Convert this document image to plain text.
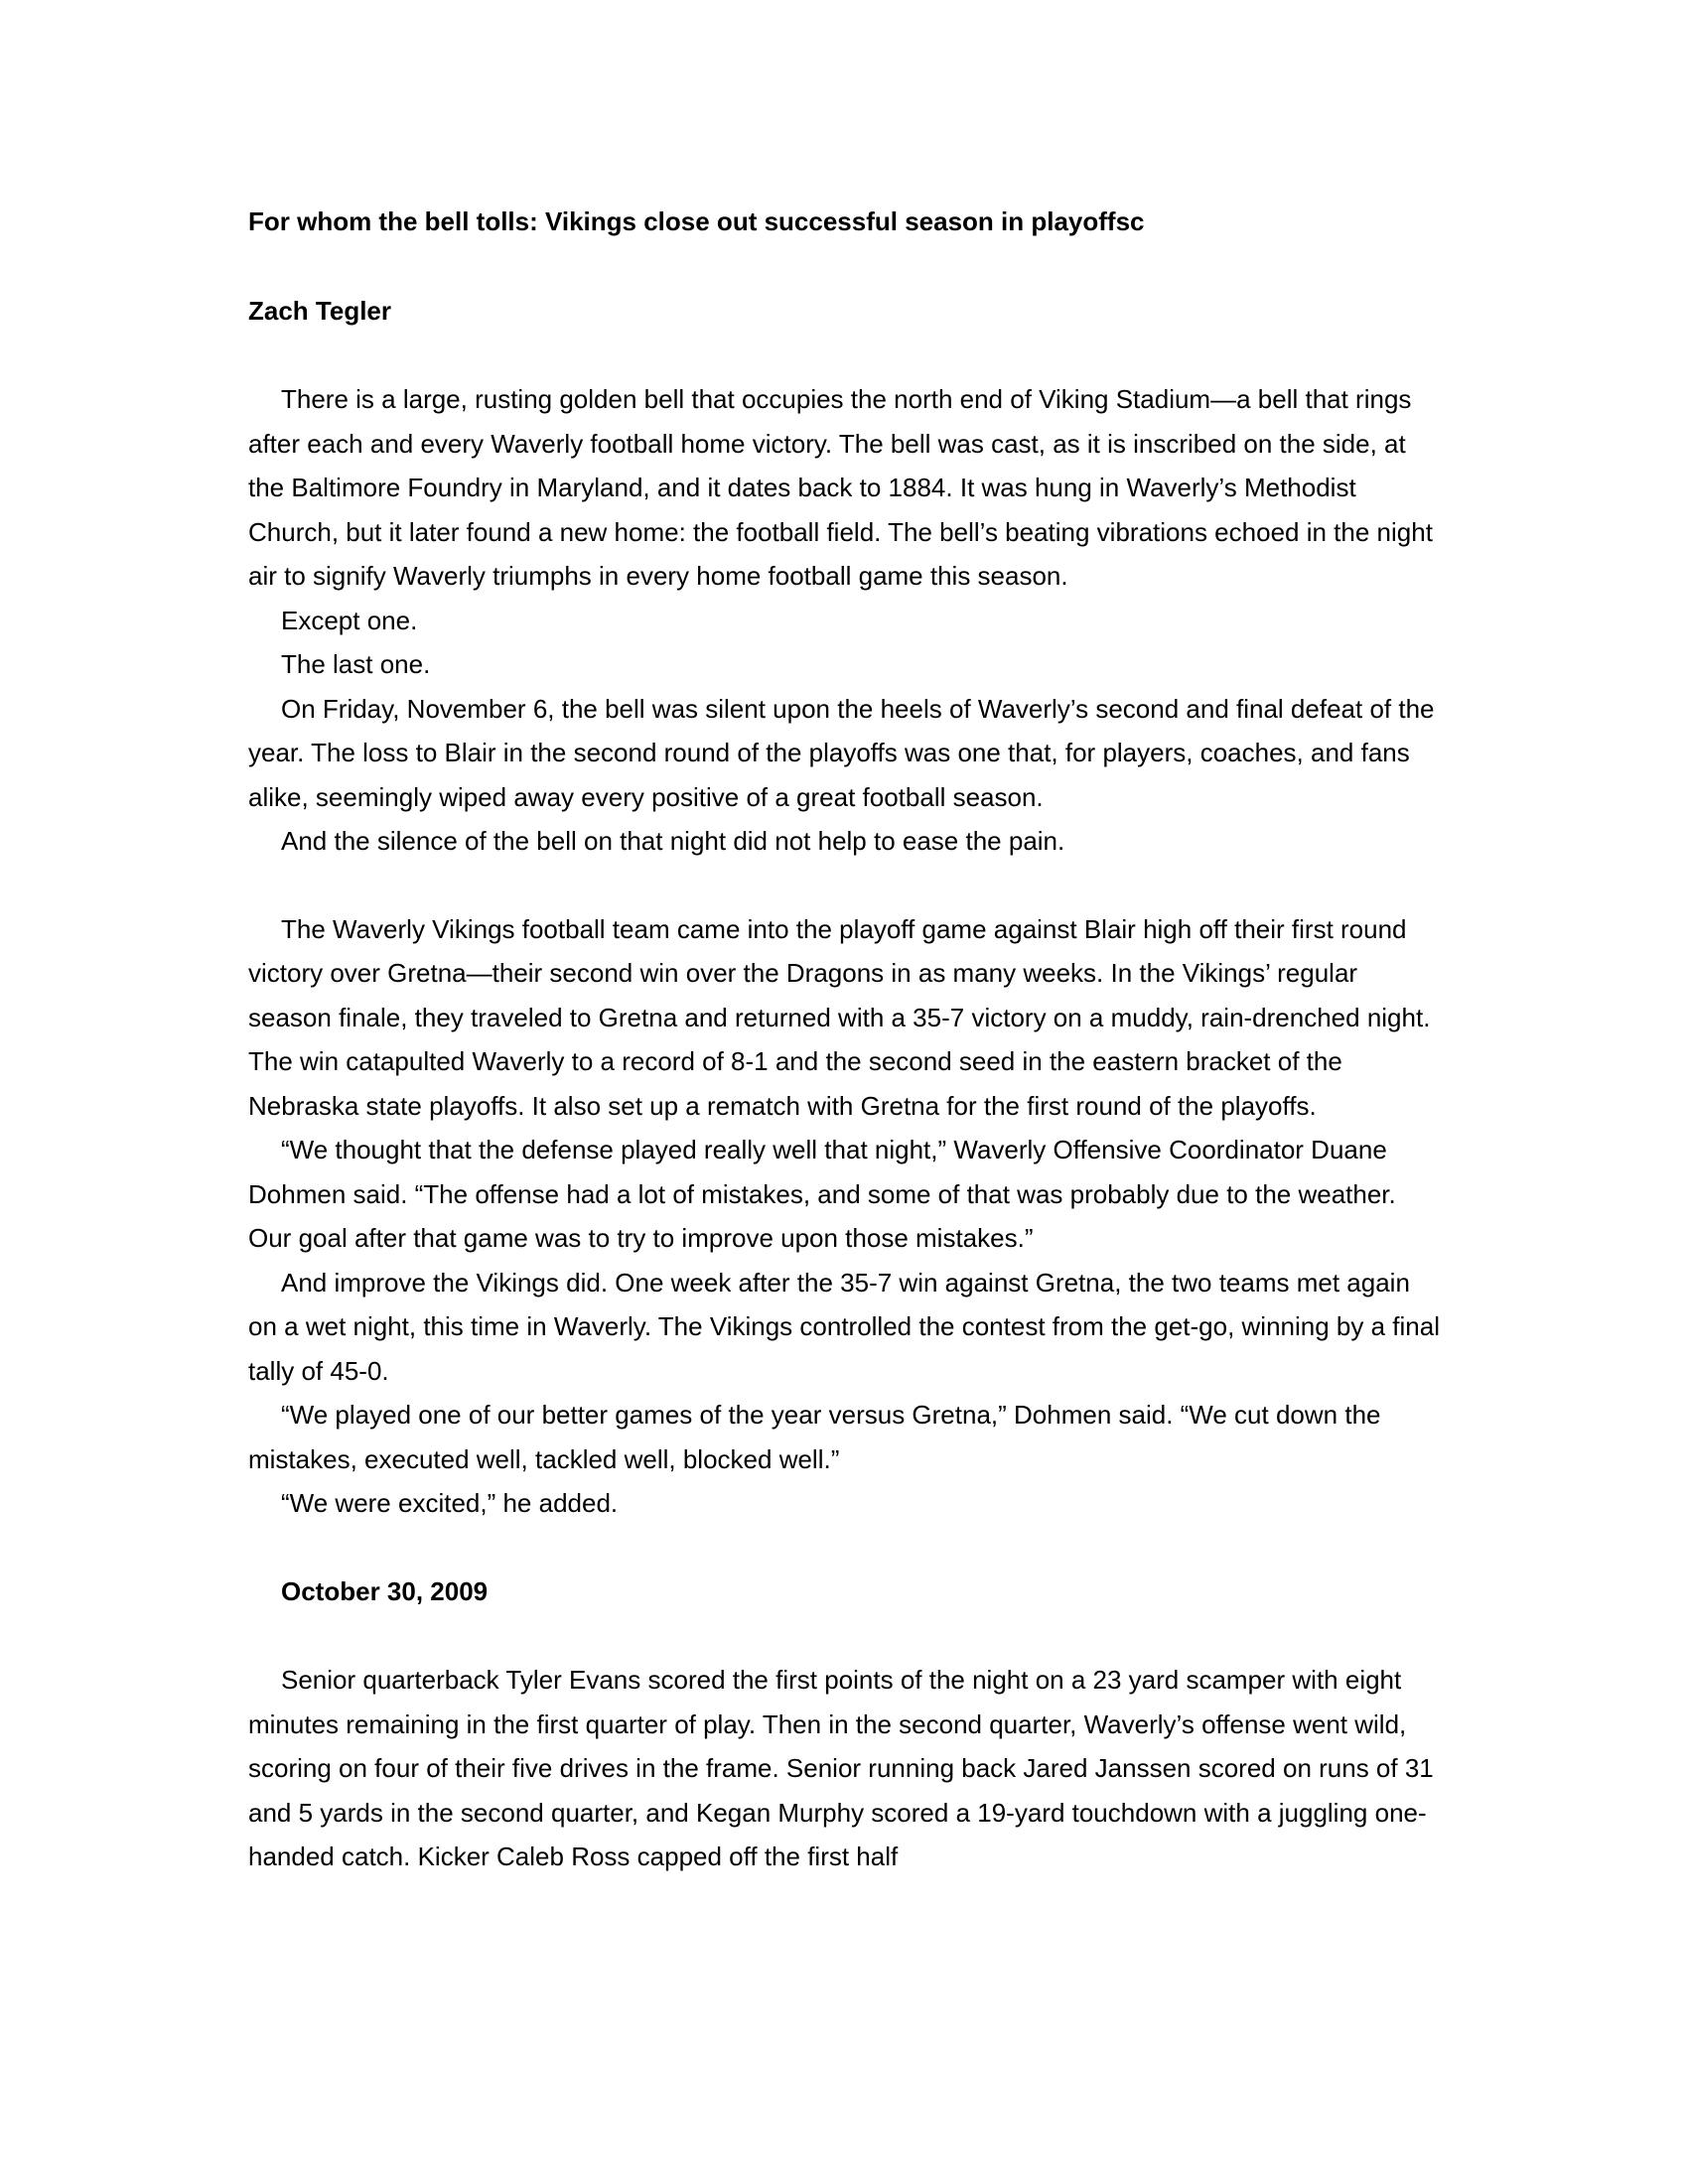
For whom the bell tolls: Vikings close out successful season in playoffsc

Zach Tegler

There is a large, rusting golden bell that occupies the north end of Viking Stadium—a bell that rings after each and every Waverly football home victory. The bell was cast, as it is inscribed on the side, at the Baltimore Foundry in Maryland, and it dates back to 1884. It was hung in Waverly’s Methodist Church, but it later found a new home: the football field. The bell’s beating vibrations echoed in the night air to signify Waverly triumphs in every home football game this season.

Except one.

The last one.

On Friday, November 6, the bell was silent upon the heels of Waverly’s second and final defeat of the year. The loss to Blair in the second round of the playoffs was one that, for players, coaches, and fans alike, seemingly wiped away every positive of a great football season.

And the silence of the bell on that night did not help to ease the pain.

The Waverly Vikings football team came into the playoff game against Blair high off their first round victory over Gretna—their second win over the Dragons in as many weeks. In the Vikings’ regular season finale, they traveled to Gretna and returned with a 35-7 victory on a muddy, rain-drenched night. The win catapulted Waverly to a record of 8-1 and the second seed in the eastern bracket of the Nebraska state playoffs. It also set up a rematch with Gretna for the first round of the playoffs.

“We thought that the defense played really well that night,” Waverly Offensive Coordinator Duane Dohmen said. “The offense had a lot of mistakes, and some of that was probably due to the weather. Our goal after that game was to try to improve upon those mistakes.”

And improve the Vikings did. One week after the 35-7 win against Gretna, the two teams met again on a wet night, this time in Waverly. The Vikings controlled the contest from the get-go, winning by a final tally of 45-0.

“We played one of our better games of the year versus Gretna,” Dohmen said. “We cut down the mistakes, executed well, tackled well, blocked well.”

“We were excited,” he added.

October 30, 2009

Senior quarterback Tyler Evans scored the first points of the night on a 23 yard scamper with eight minutes remaining in the first quarter of play. Then in the second quarter, Waverly’s offense went wild, scoring on four of their five drives in the frame. Senior running back Jared Janssen scored on runs of 31 and 5 yards in the second quarter, and Kegan Murphy scored a 19-yard touchdown with a juggling one-handed catch. Kicker Caleb Ross capped off the first half
